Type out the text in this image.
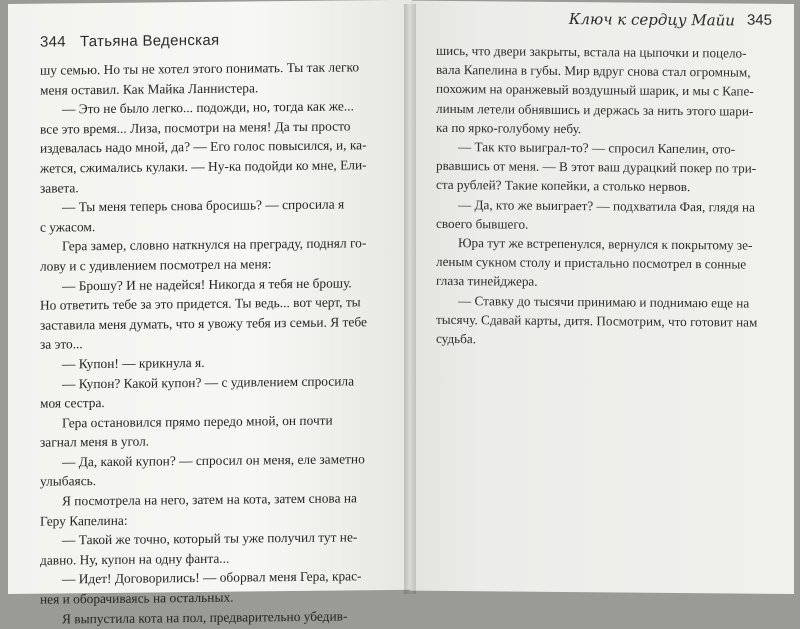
344 Татьяна Веденская

шу семью. Но ты не хотел этого понимать. Ты так легко

меня оставил. Как Майка Ланнистера.

— Это не было легко... подожди, но, тогда как же...

все это время... Лиза, посмотри на меня! Да ты просто

издевалась надо мной, да? — Его голос повысился, и, ка-

жется, сжимались кулаки. — Ну-ка подойди ко мне, Ели-

завета.

— Ты меня теперь снова бросишь? — спросила я

с ужасом.

Гера замер, словно наткнулся на преграду, поднял го-

лову и с удивлением посмотрел на меня:

— Брошу? И не надейся! Никогда я тебя не брошу.

Но ответить тебе за это придется. Ты ведь... вот черт, ты

заставила меня думать, что я увожу тебя из семьи. Я тебе

за это...

— Купон! — крикнула я.

— Купон? Какой купон? — с удивлением спросила

моя сестра.

Гера остановился прямо передо мной, он почти

загнал меня в угол.

— Да, какой купон? — спросил он меня, еле заметно

улыбаясь.

Я посмотрела на него, затем на кота, затем снова на

Геру Капелина:

— Такой же точно, который ты уже получил тут не-

давно. Ну, купон на одну фанта...

— Идет! Договорились! — оборвал меня Гера, крас-

нея и оборачиваясь на остальных.

Я выпустила кота на пол, предварительно убедив-

Ключ к сердцу Майи 345

шись, что двери закрыты, встала на цыпочки и поцело-

вала Капелина в губы. Мир вдруг снова стал огромным,

похожим на оранжевый воздушный шарик, и мы с Капе-

линым летели обнявшись и держась за нить этого шари-

ка по ярко-голубому небу.

— Так кто выиграл-то? — спросил Капелин, ото-

рвавшись от меня. — В этот ваш дурацкий покер по три-

ста рублей? Такие копейки, а столько нервов.

— Да, кто же выиграет? — подхватила Фая, глядя на

своего бывшего.

Юра тут же встрепенулся, вернулся к покрытому зе-

леным сукном столу и пристально посмотрел в сонные

глаза тинейджера.

— Ставку до тысячи принимаю и поднимаю еще на

тысячу. Сдавай карты, дитя. Посмотрим, что готовит нам

судьба.
